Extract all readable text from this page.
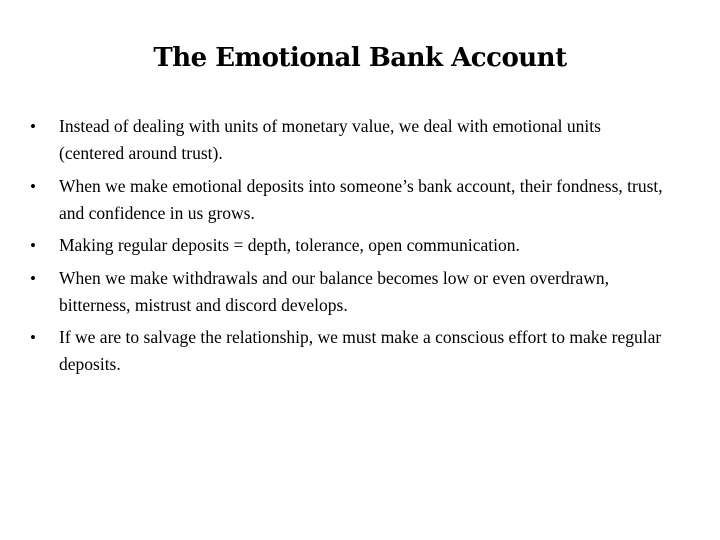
The Emotional Bank Account
•	Instead of dealing with units of monetary value, we deal with emotional units (centered around trust).
•	When we make emotional deposits into someone’s bank account, their fondness, trust, and confidence in us grows.
•	Making regular deposits = depth, tolerance, open communication.
•	When we make withdrawals and our balance becomes low or even overdrawn, bitterness, mistrust and discord develops.
•	If we are to salvage the relationship, we must make a conscious effort to make regular deposits.
